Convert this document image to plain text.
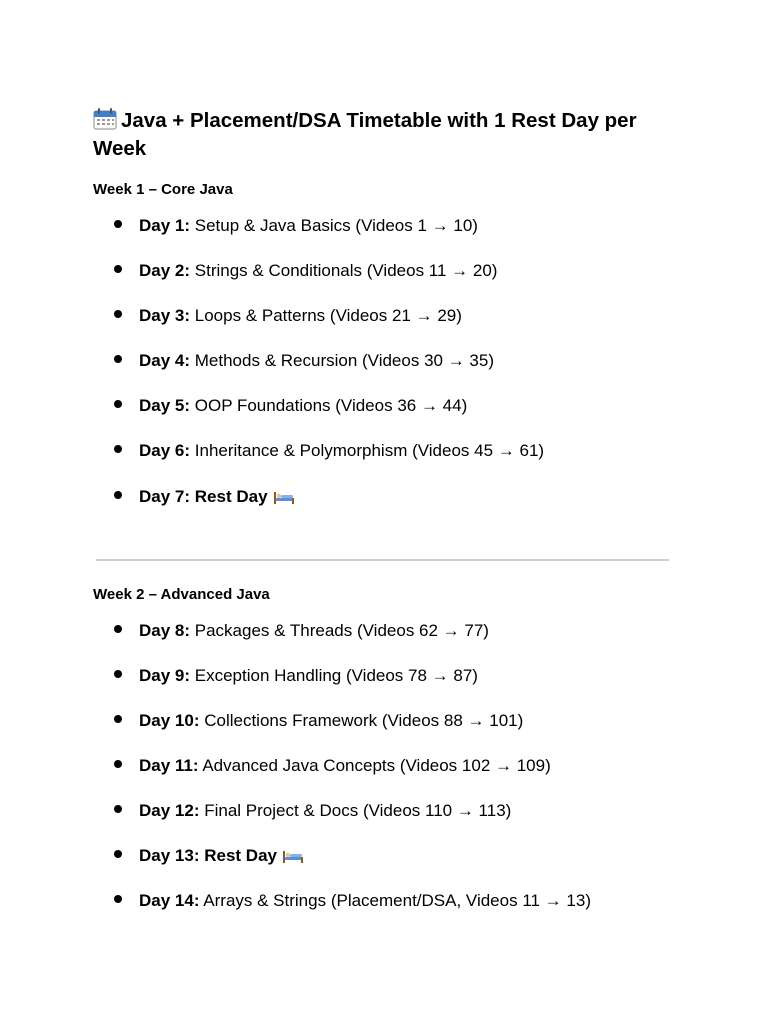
Java + Placement/DSA Timetable with 1 Rest Day per Week
Week 1 – Core Java
Day 1: Setup & Java Basics (Videos 1 → 10)
Day 2: Strings & Conditionals (Videos 11 → 20)
Day 3: Loops & Patterns (Videos 21 → 29)
Day 4: Methods & Recursion (Videos 30 → 35)
Day 5: OOP Foundations (Videos 36 → 44)
Day 6: Inheritance & Polymorphism (Videos 45 → 61)
Day 7: Rest Day
Week 2 – Advanced Java
Day 8: Packages & Threads (Videos 62 → 77)
Day 9: Exception Handling (Videos 78 → 87)
Day 10: Collections Framework (Videos 88 → 101)
Day 11: Advanced Java Concepts (Videos 102 → 109)
Day 12: Final Project & Docs (Videos 110 → 113)
Day 13: Rest Day
Day 14: Arrays & Strings (Placement/DSA, Videos 11 → 13)
